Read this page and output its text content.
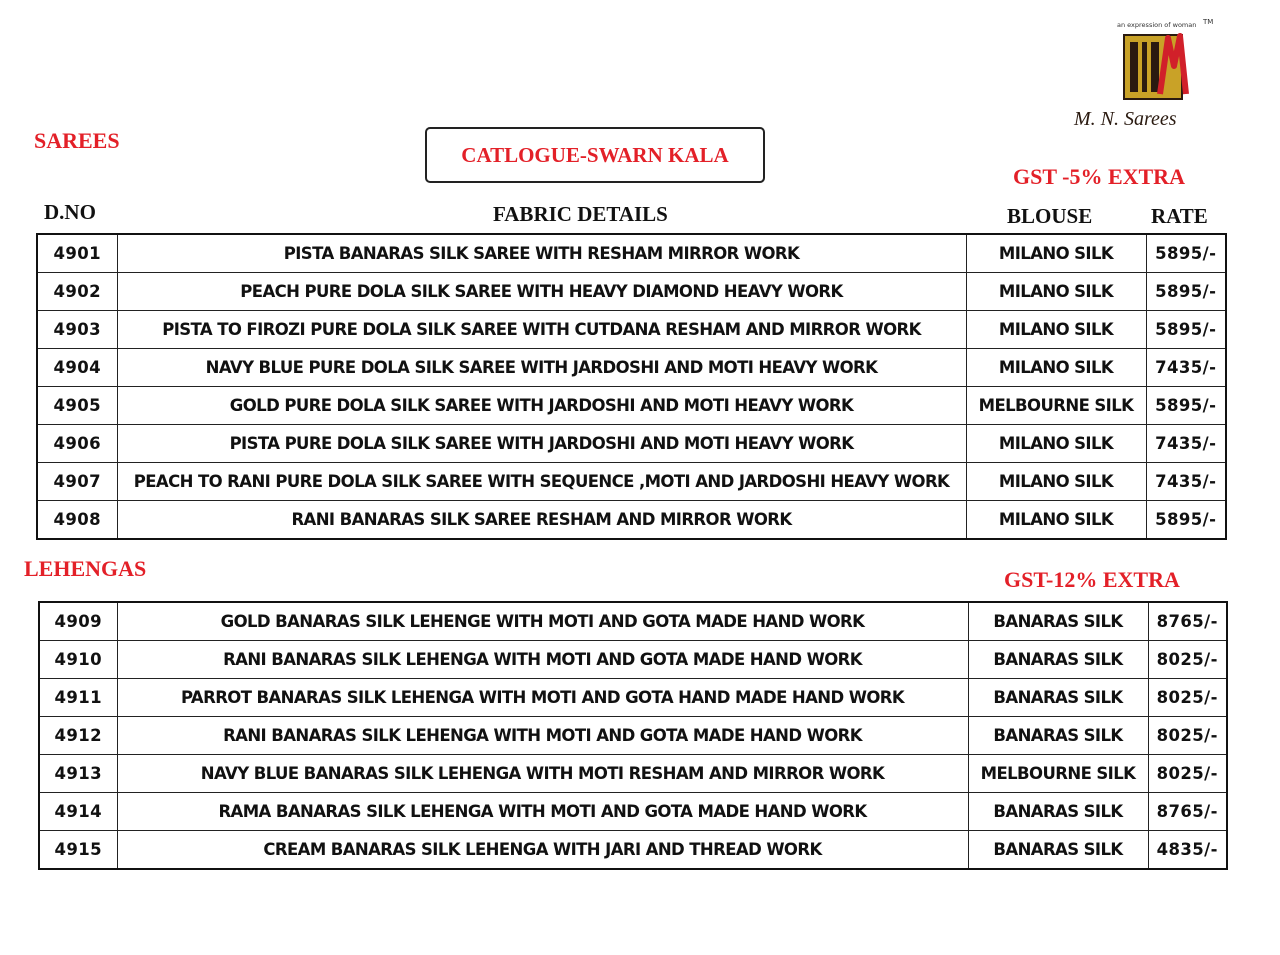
an expression of woman TM
M. N. Sarees
SAREES
CATLOGUE-SWARN KALA
GST -5% EXTRA
D.NO	FABRIC DETAILS	BLOUSE	RATE
4901	PISTA BANARAS SILK SAREE WITH RESHAM MIRROR WORK	MILANO SILK	5895/-
4902	PEACH PURE DOLA SILK SAREE WITH HEAVY DIAMOND HEAVY WORK	MILANO SILK	5895/-
4903	PISTA TO FIROZI PURE DOLA SILK SAREE WITH CUTDANA RESHAM AND MIRROR WORK	MILANO SILK	5895/-
4904	NAVY BLUE PURE DOLA SILK SAREE WITH JARDOSHI AND MOTI HEAVY WORK	MILANO SILK	7435/-
4905	GOLD PURE DOLA SILK SAREE WITH JARDOSHI AND MOTI HEAVY WORK	MELBOURNE SILK	5895/-
4906	PISTA PURE DOLA SILK SAREE WITH JARDOSHI AND MOTI HEAVY WORK	MILANO SILK	7435/-
4907	PEACH TO RANI PURE DOLA SILK SAREE WITH SEQUENCE ,MOTI AND JARDOSHI HEAVY WORK	MILANO SILK	7435/-
4908	RANI BANARAS SILK SAREE RESHAM AND MIRROR WORK	MILANO SILK	5895/-
LEHENGAS	GST-12% EXTRA
4909	GOLD BANARAS SILK LEHENGE WITH MOTI AND GOTA MADE HAND WORK	BANARAS SILK	8765/-
4910	RANI BANARAS SILK LEHENGA WITH MOTI AND GOTA MADE HAND WORK	BANARAS SILK	8025/-
4911	PARROT BANARAS SILK LEHENGA WITH MOTI AND GOTA HAND MADE HAND WORK	BANARAS SILK	8025/-
4912	RANI BANARAS SILK LEHENGA WITH MOTI AND GOTA MADE HAND WORK	BANARAS SILK	8025/-
4913	NAVY BLUE BANARAS SILK LEHENGA WITH MOTI RESHAM AND MIRROR WORK	MELBOURNE SILK	8025/-
4914	RAMA BANARAS SILK LEHENGA WITH MOTI AND GOTA MADE HAND WORK	BANARAS SILK	8765/-
4915	CREAM BANARAS SILK LEHENGA WITH JARI AND THREAD WORK	BANARAS SILK	4835/-
